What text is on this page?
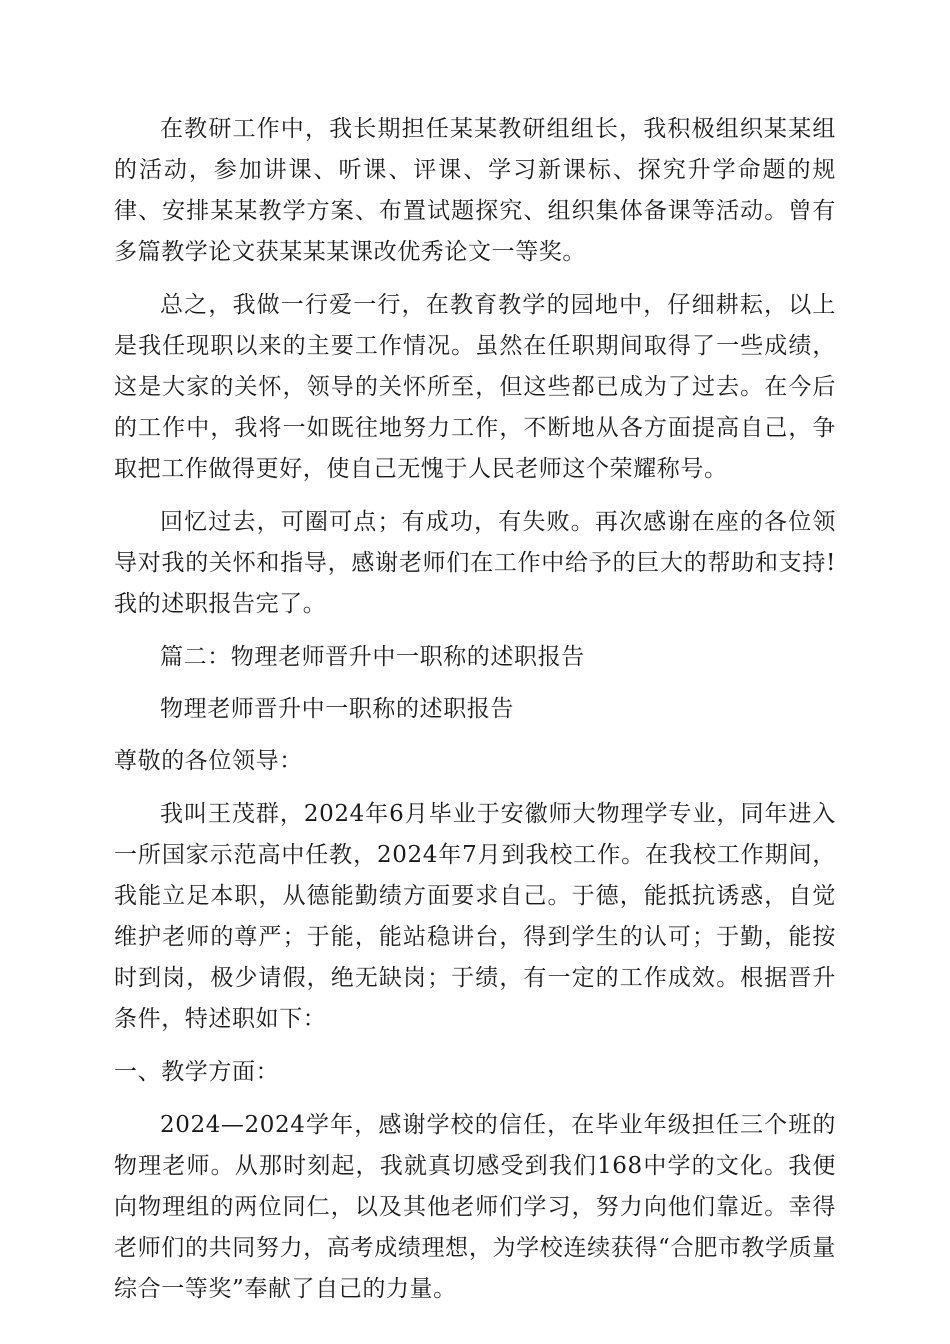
在教研工作中，我长期担任某某教研组组长，我积极组织某某组的活动，参加讲课、听课、评课、学习新课标、探究升学命题的规律、安排某某教学方案、布置试题探究、组织集体备课等活动。曾有多篇教学论文获某某某课改优秀论文一等奖。

总之，我做一行爱一行，在教育教学的园地中，仔细耕耘，以上是我任现职以来的主要工作情况。虽然在任职期间取得了一些成绩，这是大家的关怀，领导的关怀所至，但这些都已成为了过去。在今后的工作中，我将一如既往地努力工作，不断地从各方面提高自己，争取把工作做得更好，使自己无愧于人民老师这个荣耀称号。

回忆过去，可圈可点；有成功，有失败。再次感谢在座的各位领导对我的关怀和指导，感谢老师们在工作中给予的巨大的帮助和支持!我的述职报告完了。

篇二：物理老师晋升中一职称的述职报告

物理老师晋升中一职称的述职报告

尊敬的各位领导：

我叫王茂群，2024年6月毕业于安徽师大物理学专业，同年进入一所国家示范高中任教，2024年7月到我校工作。在我校工作期间，我能立足本职，从德能勤绩方面要求自己。于德，能抵抗诱惑，自觉维护老师的尊严；于能，能站稳讲台，得到学生的认可；于勤，能按时到岗，极少请假，绝无缺岗；于绩，有一定的工作成效。根据晋升条件，特述职如下：

一、教学方面：

2024—2024学年，感谢学校的信任，在毕业年级担任三个班的物理老师。从那时刻起，我就真切感受到我们168中学的文化。我便向物理组的两位同仁，以及其他老师们学习，努力向他们靠近。幸得老师们的共同努力，高考成绩理想，为学校连续获得“合肥市教学质量综合一等奖”奉献了自己的力量。
